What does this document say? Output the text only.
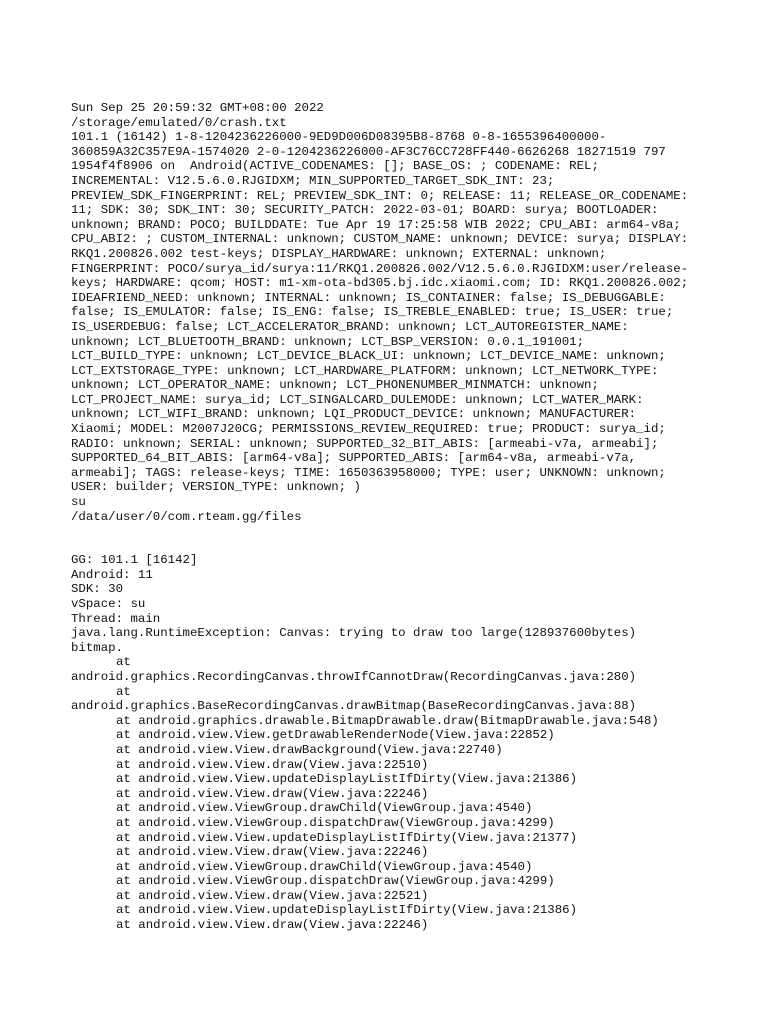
Sun Sep 25 20:59:32 GMT+08:00 2022
/storage/emulated/0/crash.txt
101.1 (16142) 1-8-1204236226000-9ED9D006D08395B8-8768 0-8-1655396400000-
360859A32C357E9A-1574020 2-0-1204236226000-AF3C76CC728FF440-6626268 18271519 797
1954f4f8906 on  Android(ACTIVE_CODENAMES: []; BASE_OS: ; CODENAME: REL;
INCREMENTAL: V12.5.6.0.RJGIDXM; MIN_SUPPORTED_TARGET_SDK_INT: 23;
PREVIEW_SDK_FINGERPRINT: REL; PREVIEW_SDK_INT: 0; RELEASE: 11; RELEASE_OR_CODENAME:
11; SDK: 30; SDK_INT: 30; SECURITY_PATCH: 2022-03-01; BOARD: surya; BOOTLOADER:
unknown; BRAND: POCO; BUILDDATE: Tue Apr 19 17:25:58 WIB 2022; CPU_ABI: arm64-v8a;
CPU_ABI2: ; CUSTOM_INTERNAL: unknown; CUSTOM_NAME: unknown; DEVICE: surya; DISPLAY:
RKQ1.200826.002 test-keys; DISPLAY_HARDWARE: unknown; EXTERNAL: unknown;
FINGERPRINT: POCO/surya_id/surya:11/RKQ1.200826.002/V12.5.6.0.RJGIDXM:user/release-
keys; HARDWARE: qcom; HOST: m1-xm-ota-bd305.bj.idc.xiaomi.com; ID: RKQ1.200826.002;
IDEAFRIEND_NEED: unknown; INTERNAL: unknown; IS_CONTAINER: false; IS_DEBUGGABLE:
false; IS_EMULATOR: false; IS_ENG: false; IS_TREBLE_ENABLED: true; IS_USER: true;
IS_USERDEBUG: false; LCT_ACCELERATOR_BRAND: unknown; LCT_AUTOREGISTER_NAME:
unknown; LCT_BLUETOOTH_BRAND: unknown; LCT_BSP_VERSION: 0.0.1_191001;
LCT_BUILD_TYPE: unknown; LCT_DEVICE_BLACK_UI: unknown; LCT_DEVICE_NAME: unknown;
LCT_EXTSTORAGE_TYPE: unknown; LCT_HARDWARE_PLATFORM: unknown; LCT_NETWORK_TYPE:
unknown; LCT_OPERATOR_NAME: unknown; LCT_PHONENUMBER_MINMATCH: unknown;
LCT_PROJECT_NAME: surya_id; LCT_SINGALCARD_DULEMODE: unknown; LCT_WATER_MARK:
unknown; LCT_WIFI_BRAND: unknown; LQI_PRODUCT_DEVICE: unknown; MANUFACTURER:
Xiaomi; MODEL: M2007J20CG; PERMISSIONS_REVIEW_REQUIRED: true; PRODUCT: surya_id;
RADIO: unknown; SERIAL: unknown; SUPPORTED_32_BIT_ABIS: [armeabi-v7a, armeabi];
SUPPORTED_64_BIT_ABIS: [arm64-v8a]; SUPPORTED_ABIS: [arm64-v8a, armeabi-v7a,
armeabi]; TAGS: release-keys; TIME: 1650363958000; TYPE: user; UNKNOWN: unknown;
USER: builder; VERSION_TYPE: unknown; )
su
/data/user/0/com.rteam.gg/files
GG: 101.1 [16142]
Android: 11
SDK: 30
vSpace: su
Thread: main
java.lang.RuntimeException: Canvas: trying to draw too large(128937600bytes)
bitmap.
at
android.graphics.RecordingCanvas.throwIfCannotDraw(RecordingCanvas.java:280)
at
android.graphics.BaseRecordingCanvas.drawBitmap(BaseRecordingCanvas.java:88)
at android.graphics.drawable.BitmapDrawable.draw(BitmapDrawable.java:548)
at android.view.View.getDrawableRenderNode(View.java:22852)
at android.view.View.drawBackground(View.java:22740)
at android.view.View.draw(View.java:22510)
at android.view.View.updateDisplayListIfDirty(View.java:21386)
at android.view.View.draw(View.java:22246)
at android.view.ViewGroup.drawChild(ViewGroup.java:4540)
at android.view.ViewGroup.dispatchDraw(ViewGroup.java:4299)
at android.view.View.updateDisplayListIfDirty(View.java:21377)
at android.view.View.draw(View.java:22246)
at android.view.ViewGroup.drawChild(ViewGroup.java:4540)
at android.view.ViewGroup.dispatchDraw(ViewGroup.java:4299)
at android.view.View.draw(View.java:22521)
at android.view.View.updateDisplayListIfDirty(View.java:21386)
at android.view.View.draw(View.java:22246)
